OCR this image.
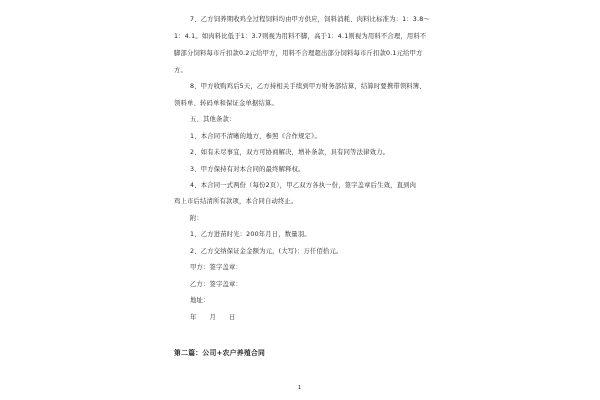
7、乙方饲养期收鸡全过程饲料均由甲方供应，饲料消耗、肉料比标准为：1：3.8～
1：4.1。如肉料比低于1：3.7则视为用料不脚，高于1：4.1则视为用料不合理，用料不
脚部分饲料每市斤扣款0.2元给甲方，用料不合理超出部分饲料每市斤扣款0.1元给甲方
方。
8、甲方收购鸡后5天，乙方持相关手续到甲方财务部结算，结算时要携带领料簿、
领料单、转码单和保证金单据结算。
五、其他条款：
1、本合同不清晰的地方，参照《合作规定》。
2、如有未尽事宜，双方可协商解决，增补条款，具有同等法律效力。
3、甲方保持有对本合同的最终解释权。
4、本合同一式两份（每份2页），甲乙双方各执一份，签字盖章后生效，直到肉
鸡上市后结清所有款项，本合同自动终止。
附：
1、乙方进苗时光：200年月日，数量羽。
2、乙方交纳保证金金额为元，(大写)：万仟佰拾元。
甲方：签字盖章：
乙方：签字盖章：
地址：
年　　月　　日
第二篇：公司+农户养殖合同
1
